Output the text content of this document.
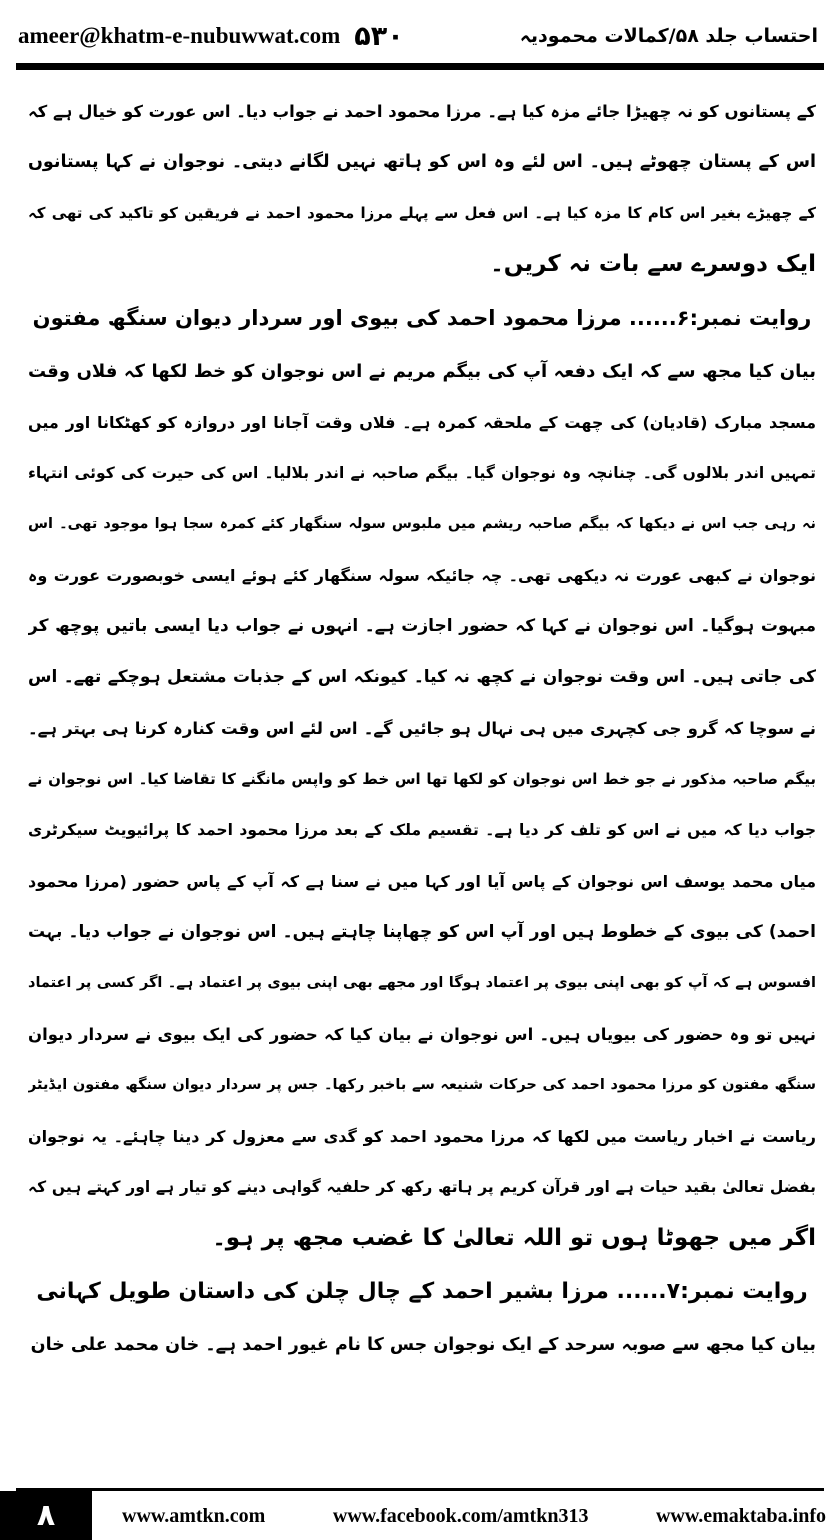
ameer@khatm-e-nubuwwat.com ۵۳۰	احتساب جلد ۵۸/کمالات محمودیہ
کے پستانوں کو نہ چھیڑا جائے مزہ کیا ہے۔ مرزا محمود احمد نے جواب دیا۔ اس عورت کو خیال ہے کہ
اس کے پستان چھوٹے ہیں۔ اس لئے وہ اس کو ہاتھ نہیں لگانے دیتی۔ نوجوان نے کہا پستانوں
کے چھیڑے بغیر اس کام کا مزہ کیا ہے۔ اس فعل سے پہلے مرزا محمود احمد نے فریقین کو تاکید کی تھی کہ
ایک دوسرے سے بات نہ کریں۔
روایت نمبر:۶...... مرزا محمود احمد کی بیوی اور سردار دیوان سنگھ مفتون
بیان کیا مجھ سے کہ ایک دفعہ آپ کی بیگم مریم نے اس نوجوان کو خط لکھا کہ فلاں وقت
مسجد مبارک (قادیان) کی چھت کے ملحقہ کمرہ ہے۔ فلاں وقت آجانا اور دروازہ کو کھٹکانا اور میں
تمہیں اندر بلالوں گی۔ چنانچہ وہ نوجوان گیا۔ بیگم صاحبہ نے اندر بلالیا۔ اس کی حیرت کی کوئی انتہاء
نہ رہی جب اس نے دیکھا کہ بیگم صاحبہ ریشم میں ملبوس سولہ سنگھار کئے کمرہ سجا ہوا موجود تھی۔ اس
نوجوان نے کبھی عورت نہ دیکھی تھی۔ چہ جائیکہ سولہ سنگھار کئے ہوئے ایسی خوبصورت عورت وہ
مبہوت ہوگیا۔ اس نوجوان نے کہا کہ حضور اجازت ہے۔ انہوں نے جواب دیا ایسی باتیں پوچھ کر
کی جاتی ہیں۔ اس وقت نوجوان نے کچھ نہ کیا۔ کیونکہ اس کے جذبات مشتعل ہوچکے تھے۔ اس
نے سوچا کہ گرو جی کچہری میں ہی نہال ہو جائیں گے۔ اس لئے اس وقت کنارہ کرنا ہی بہتر ہے۔
بیگم صاحبہ مذکور نے جو خط اس نوجوان کو لکھا تھا اس خط کو واپس مانگنے کا تقاضا کیا۔ اس نوجوان نے
جواب دیا کہ میں نے اس کو تلف کر دیا ہے۔ تقسیم ملک کے بعد مرزا محمود احمد کا پرائیویٹ سیکرٹری
میاں محمد یوسف اس نوجوان کے پاس آیا اور کہا میں نے سنا ہے کہ آپ کے پاس حضور (مرزا محمود
احمد) کی بیوی کے خطوط ہیں اور آپ اس کو چھاپنا چاہتے ہیں۔ اس نوجوان نے جواب دیا۔ بہت
افسوس ہے کہ آپ کو بھی اپنی بیوی پر اعتماد ہوگا اور مجھے بھی اپنی بیوی پر اعتماد ہے۔ اگر کسی پر اعتماد
نہیں تو وہ حضور کی بیویاں ہیں۔ اس نوجوان نے بیان کیا کہ حضور کی ایک بیوی نے سردار دیوان
سنگھ مفتون کو مرزا محمود احمد کی حرکات شنیعہ سے باخبر رکھا۔ جس پر سردار دیوان سنگھ مفتون ایڈیٹر
ریاست نے اخبار ریاست میں لکھا کہ مرزا محمود احمد کو گدی سے معزول کر دینا چاہئے۔ یہ نوجوان
بفضل تعالیٰ بقید حیات ہے اور قرآن کریم پر ہاتھ رکھ کر حلفیہ گواہی دینے کو تیار ہے اور کہتے ہیں کہ
اگر میں جھوٹا ہوں تو اللہ تعالیٰ کا غضب مجھ پر ہو۔
روایت نمبر:۷...... مرزا بشیر احمد کے چال چلن کی داستان طویل کہانی
بیان کیا مجھ سے صوبہ سرحد کے ایک نوجوان جس کا نام غیور احمد ہے۔ خان محمد علی خان
۸	www.amtkn.com	www.facebook.com/amtkn313	www.emaktaba.info
